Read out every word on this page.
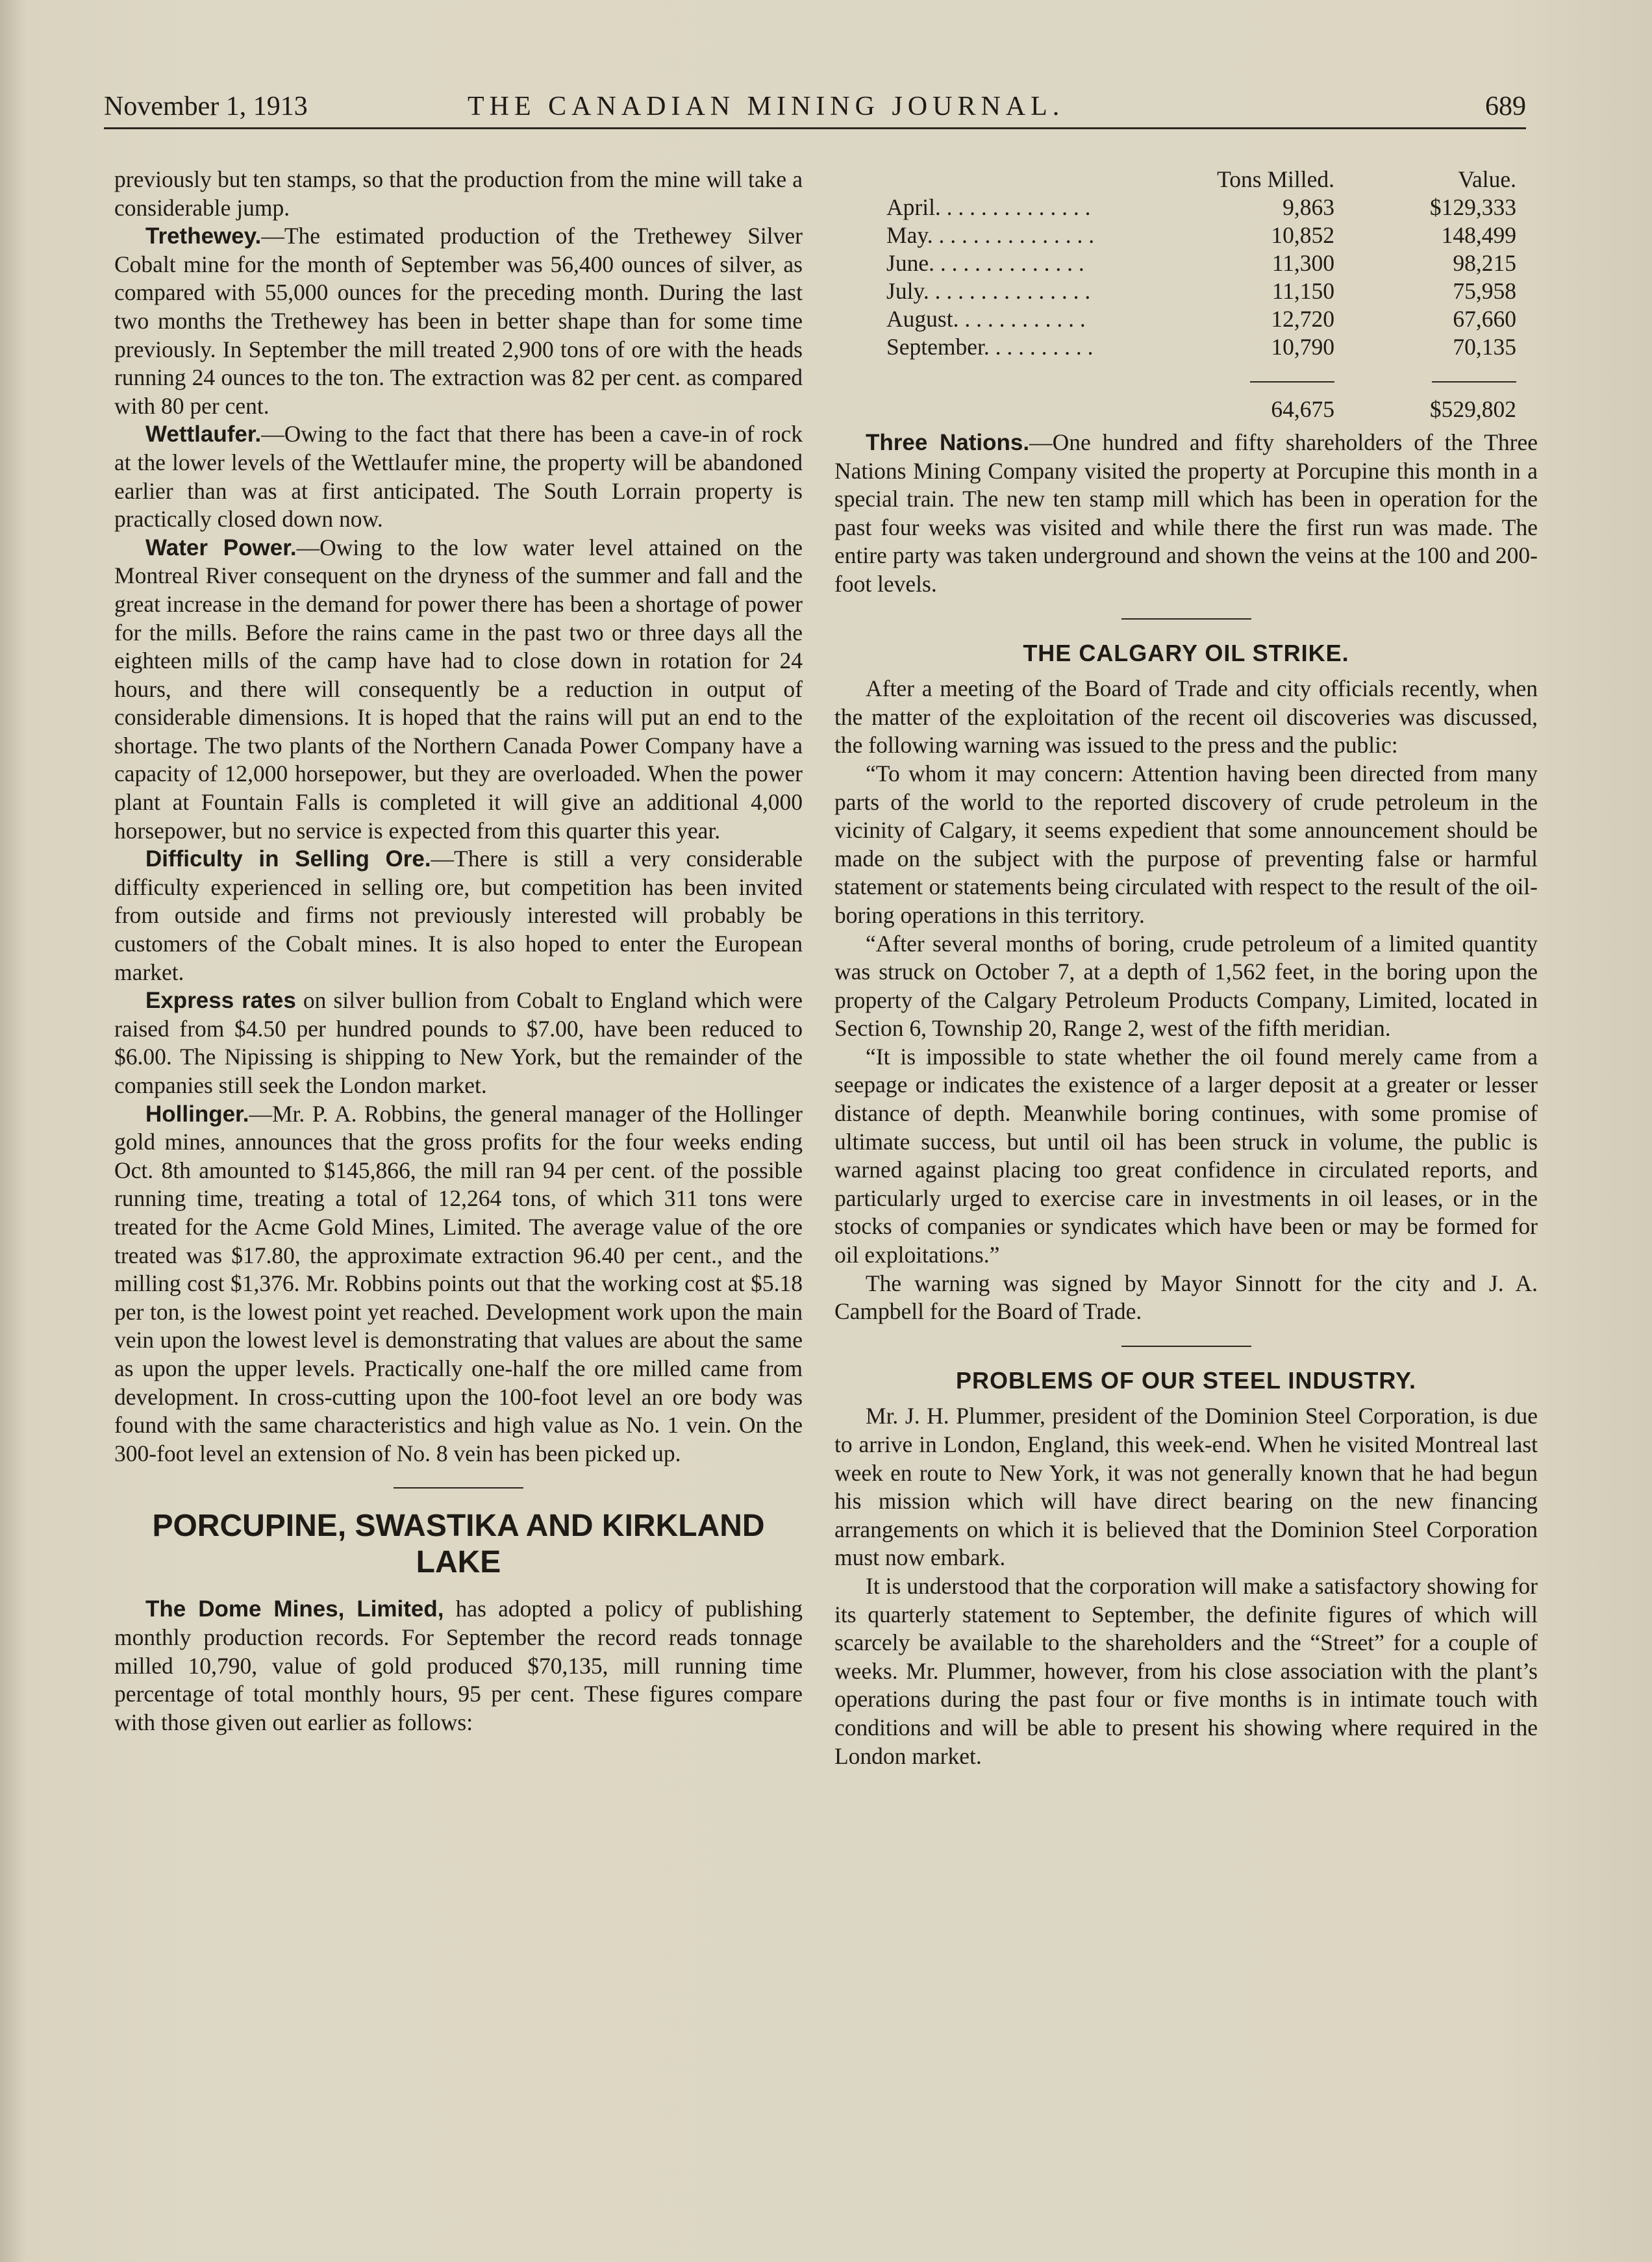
November 1, 1913	THE CANADIAN MINING JOURNAL.	689

previously but ten stamps, so that the production from the mine will take a considerable jump.

Trethewey.—The estimated production of the Trethewey Silver Cobalt mine for the month of September was 56,400 ounces of silver, as compared with 55,000 ounces for the preceding month. During the last two months the Trethewey has been in better shape than for some time previously. In September the mill treated 2,900 tons of ore with the heads running 24 ounces to the ton. The extraction was 82 per cent. as compared with 80 per cent.

Wettlaufer.—Owing to the fact that there has been a cave-in of rock at the lower levels of the Wettlaufer mine, the property will be abandoned earlier than was at first anticipated. The South Lorrain property is practically closed down now.

Water Power.—Owing to the low water level attained on the Montreal River consequent on the dryness of the summer and fall and the great increase in the demand for power there has been a shortage of power for the mills. Before the rains came in the past two or three days all the eighteen mills of the camp have had to close down in rotation for 24 hours, and there will consequently be a reduction in output of considerable dimensions. It is hoped that the rains will put an end to the shortage. The two plants of the Northern Canada Power Company have a capacity of 12,000 horsepower, but they are overloaded. When the power plant at Fountain Falls is completed it will give an additional 4,000 horsepower, but no service is expected from this quarter this year.

Difficulty in Selling Ore.—There is still a very considerable difficulty experienced in selling ore, but competition has been invited from outside and firms not previously interested will probably be customers of the Cobalt mines. It is also hoped to enter the European market.

Express rates on silver bullion from Cobalt to England which were raised from $4.50 per hundred pounds to $7.00, have been reduced to $6.00. The Nipissing is shipping to New York, but the remainder of the companies still seek the London market.

Hollinger.—Mr. P. A. Robbins, the general manager of the Hollinger gold mines, announces that the gross profits for the four weeks ending Oct. 8th amounted to $145,866, the mill ran 94 per cent. of the possible running time, treating a total of 12,264 tons, of which 311 tons were treated for the Acme Gold Mines, Limited. The average value of the ore treated was $17.80, the approximate extraction 96.40 per cent., and the milling cost $1,376. Mr. Robbins points out that the working cost at $5.18 per ton, is the lowest point yet reached. Development work upon the main vein upon the lowest level is demonstrating that values are about the same as upon the upper levels. Practically one-half the ore milled came from development. In cross-cutting upon the 100-foot level an ore body was found with the same characteristics and high value as No. 1 vein. On the 300-foot level an extension of No. 8 vein has been picked up.

PORCUPINE, SWASTIKA AND KIRKLAND LAKE

The Dome Mines, Limited, has adopted a policy of publishing monthly production records. For September the record reads tonnage milled 10,790, value of gold produced $70,135, mill running time percentage of total monthly hours, 95 per cent. These figures compare with those given out earlier as follows:

	Tons Milled.	Value.
April. . . . . . . . . . . . . .	9,863	$129,333
May. . . . . . . . . . . . . . .	10,852	148,499
June. . . . . . . . . . . . . .	11,300	98,215
July. . . . . . . . . . . . . . .	11,150	75,958
August. . . . . . . . . . . .	12,720	67,660
September. . . . . . . . . .	10,790	70,135

	64,675	$529,802

Three Nations.—One hundred and fifty shareholders of the Three Nations Mining Company visited the property at Porcupine this month in a special train. The new ten stamp mill which has been in operation for the past four weeks was visited and while there the first run was made. The entire party was taken underground and shown the veins at the 100 and 200-foot levels.

THE CALGARY OIL STRIKE.

After a meeting of the Board of Trade and city officials recently, when the matter of the exploitation of the recent oil discoveries was discussed, the following warning was issued to the press and the public:

“To whom it may concern: Attention having been directed from many parts of the world to the reported discovery of crude petroleum in the vicinity of Calgary, it seems expedient that some announcement should be made on the subject with the purpose of preventing false or harmful statement or statements being circulated with respect to the result of the oil-boring operations in this territory.

“After several months of boring, crude petroleum of a limited quantity was struck on October 7, at a depth of 1,562 feet, in the boring upon the property of the Calgary Petroleum Products Company, Limited, located in Section 6, Township 20, Range 2, west of the fifth meridian.

“It is impossible to state whether the oil found merely came from a seepage or indicates the existence of a larger deposit at a greater or lesser distance of depth. Meanwhile boring continues, with some promise of ultimate success, but until oil has been struck in volume, the public is warned against placing too great confidence in circulated reports, and particularly urged to exercise care in investments in oil leases, or in the stocks of companies or syndicates which have been or may be formed for oil exploitations.”

The warning was signed by Mayor Sinnott for the city and J. A. Campbell for the Board of Trade.

PROBLEMS OF OUR STEEL INDUSTRY.

Mr. J. H. Plummer, president of the Dominion Steel Corporation, is due to arrive in London, England, this week-end. When he visited Montreal last week en route to New York, it was not generally known that he had begun his mission which will have direct bearing on the new financing arrangements on which it is believed that the Dominion Steel Corporation must now embark.

It is understood that the corporation will make a satisfactory showing for its quarterly statement to September, the definite figures of which will scarcely be available to the shareholders and the “Street” for a couple of weeks. Mr. Plummer, however, from his close association with the plant’s operations during the past four or five months is in intimate touch with conditions and will be able to present his showing where required in the London market.
